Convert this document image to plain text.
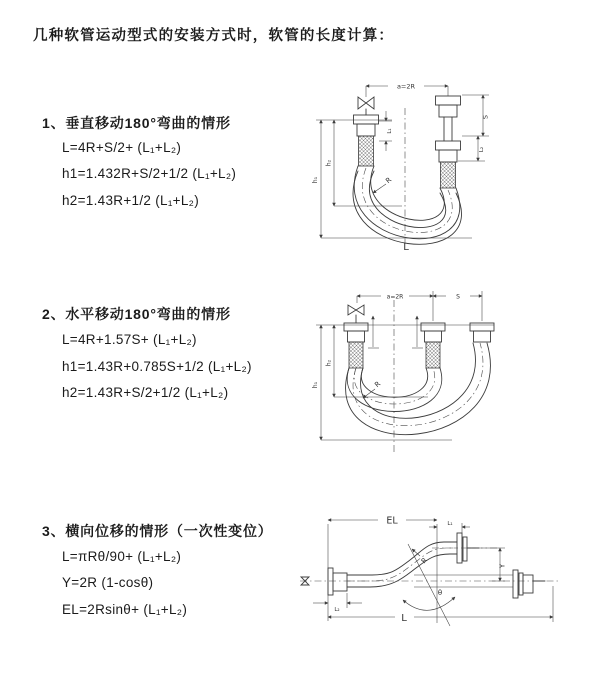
几种软管运动型式的安装方式时，软管的长度计算：
1、垂直移动180°弯曲的情形
L=4R+S/2+ (L₁+L₂)
h1=1.432R+S/2+1/2 (L₁+L₂)
h2=1.43R+1/2 (L₁+L₂)
2、水平移动180°弯曲的情形
L=4R+1.57S+ (L₁+L₂)
h1=1.43R+0.785S+1/2 (L₁+L₂)
h2=1.43R+S/2+1/2 (L₁+L₂)
3、横向位移的情形（一次性变位）
L=πRθ/90+ (L₁+L₂)
Y=2R (1-cosθ)
EL=2Rsinθ+ (L₁+L₂)
a=2R
L₁
S
L₂
h₂
h₁	R
L
a=2R	S
h₂
h₁	R
EL	L₁
Y
R
θ
L
L₂
